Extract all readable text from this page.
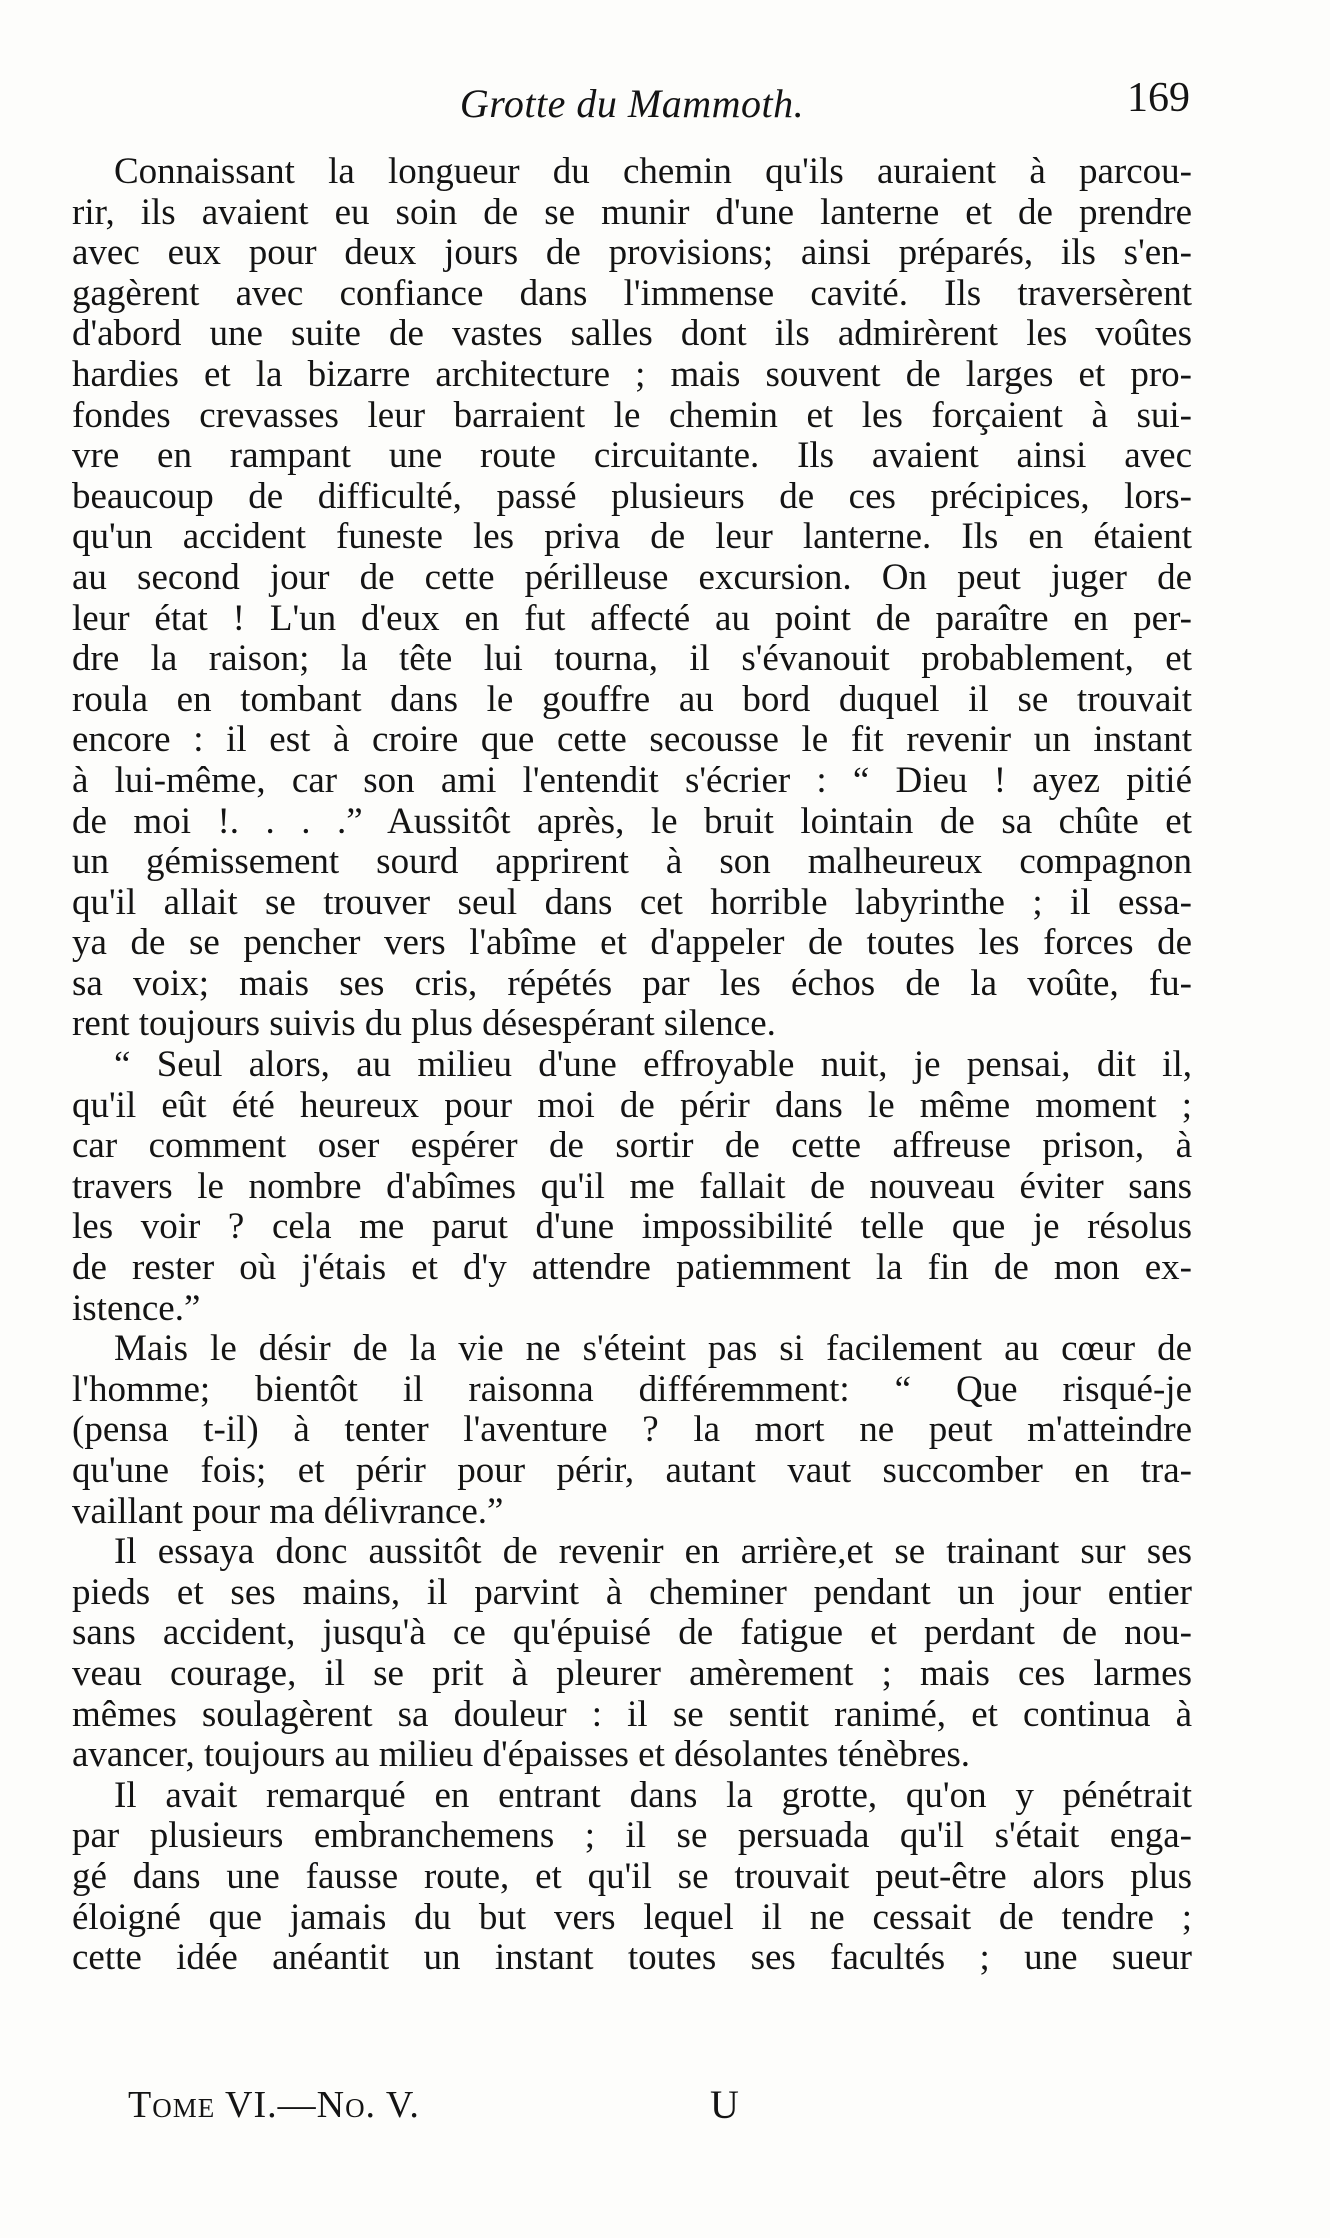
Grotte du Mammoth.	169
Connaissant la longueur du chemin qu'ils auraient à parcou-
rir, ils avaient eu soin de se munir d'une lanterne et de prendre
avec eux pour deux jours de provisions; ainsi préparés, ils s'en-
gagèrent avec confiance dans l'immense cavité. Ils traversèrent
d'abord une suite de vastes salles dont ils admirèrent les voûtes
hardies et la bizarre architecture ; mais souvent de larges et pro-
fondes crevasses leur barraient le chemin et les forçaient à sui-
vre en rampant une route circuitante. Ils avaient ainsi avec
beaucoup de difficulté, passé plusieurs de ces précipices, lors-
qu'un accident funeste les priva de leur lanterne. Ils en étaient
au second jour de cette périlleuse excursion. On peut juger de
leur état ! L'un d'eux en fut affecté au point de paraître en per-
dre la raison; la tête lui tourna, il s'évanouit probablement, et
roula en tombant dans le gouffre au bord duquel il se trouvait
encore : il est à croire que cette secousse le fit revenir un instant
à lui-même, car son ami l'entendit s'écrier : “ Dieu ! ayez pitié
de moi !. . . .” Aussitôt après, le bruit lointain de sa chûte et
un gémissement sourd apprirent à son malheureux compagnon
qu'il allait se trouver seul dans cet horrible labyrinthe ; il essa-
ya de se pencher vers l'abîme et d'appeler de toutes les forces de
sa voix; mais ses cris, répétés par les échos de la voûte, fu-
rent toujours suivis du plus désespérant silence.
“ Seul alors, au milieu d'une effroyable nuit, je pensai, dit il,
qu'il eût été heureux pour moi de périr dans le même moment ;
car comment oser espérer de sortir de cette affreuse prison, à
travers le nombre d'abîmes qu'il me fallait de nouveau éviter sans
les voir ? cela me parut d'une impossibilité telle que je résolus
de rester où j'étais et d'y attendre patiemment la fin de mon ex-
istence.”
Mais le désir de la vie ne s'éteint pas si facilement au cœur de
l'homme; bientôt il raisonna différemment: “ Que risqué-je
(pensa t-il) à tenter l'aventure ? la mort ne peut m'atteindre
qu'une fois; et périr pour périr, autant vaut succomber en tra-
vaillant pour ma délivrance.”
Il essaya donc aussitôt de revenir en arrière,et se trainant sur ses
pieds et ses mains, il parvint à cheminer pendant un jour entier
sans accident, jusqu'à ce qu'épuisé de fatigue et perdant de nou-
veau courage, il se prit à pleurer amèrement ; mais ces larmes
mêmes soulagèrent sa douleur : il se sentit ranimé, et continua à
avancer, toujours au milieu d'épaisses et désolantes ténèbres.
Il avait remarqué en entrant dans la grotte, qu'on y pénétrait
par plusieurs embranchemens ; il se persuada qu'il s'était enga-
gé dans une fausse route, et qu'il se trouvait peut-être alors plus
éloigné que jamais du but vers lequel il ne cessait de tendre ;
cette idée anéantit un instant toutes ses facultés ; une sueur
Tome VI.—No. V.	U
